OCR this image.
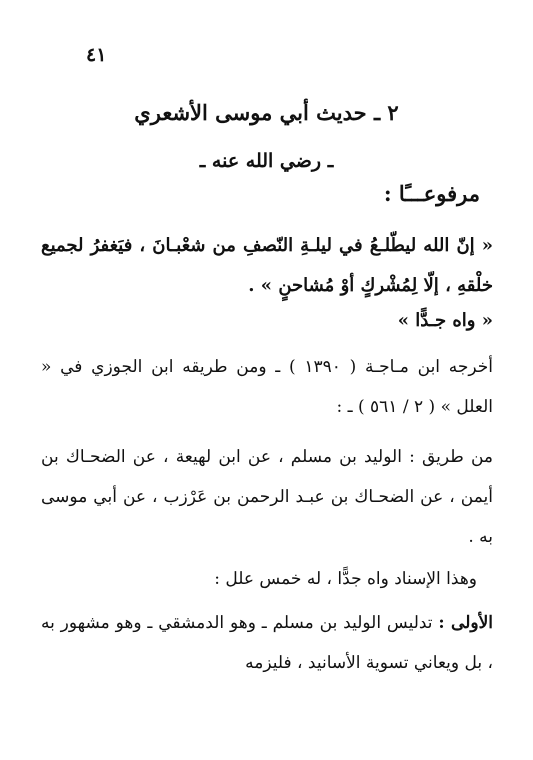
٤١
٢ ـ حديث أبي موسى الأشعري
ـ رضي الله عنه ـ
مرفوعـــًا :
« إنّ الله ليطّلـعُ في ليلـةِ النّصفِ من شعْبـانَ ، فيَغفرُ لجميع خلْقهِ ، إلّا لِمُشْركٍ أوْ مُشاحنٍ » .
« واه جـدًّا »
أخرجه ابن مـاجـة ( ١٣٩٠ ) ـ ومن طريقه ابن الجوزي في « العلل » ( ٢ / ٥٦١ ) ـ :
من طريق : الوليد بن مسلم ، عن ابن لهيعة ، عن الضحـاك بن أيمن ، عن الضحـاك بن عبـد الرحمن بن عَرْزب ، عن أبي موسى به .
وهذا الإسناد واه جدًّا ، له خمس علل :
الأولى : تدليس الوليد بن مسلم ـ وهو الدمشقي ـ وهو مشهور به ، بل ويعاني تسوية الأسانيد ، فليزمه
